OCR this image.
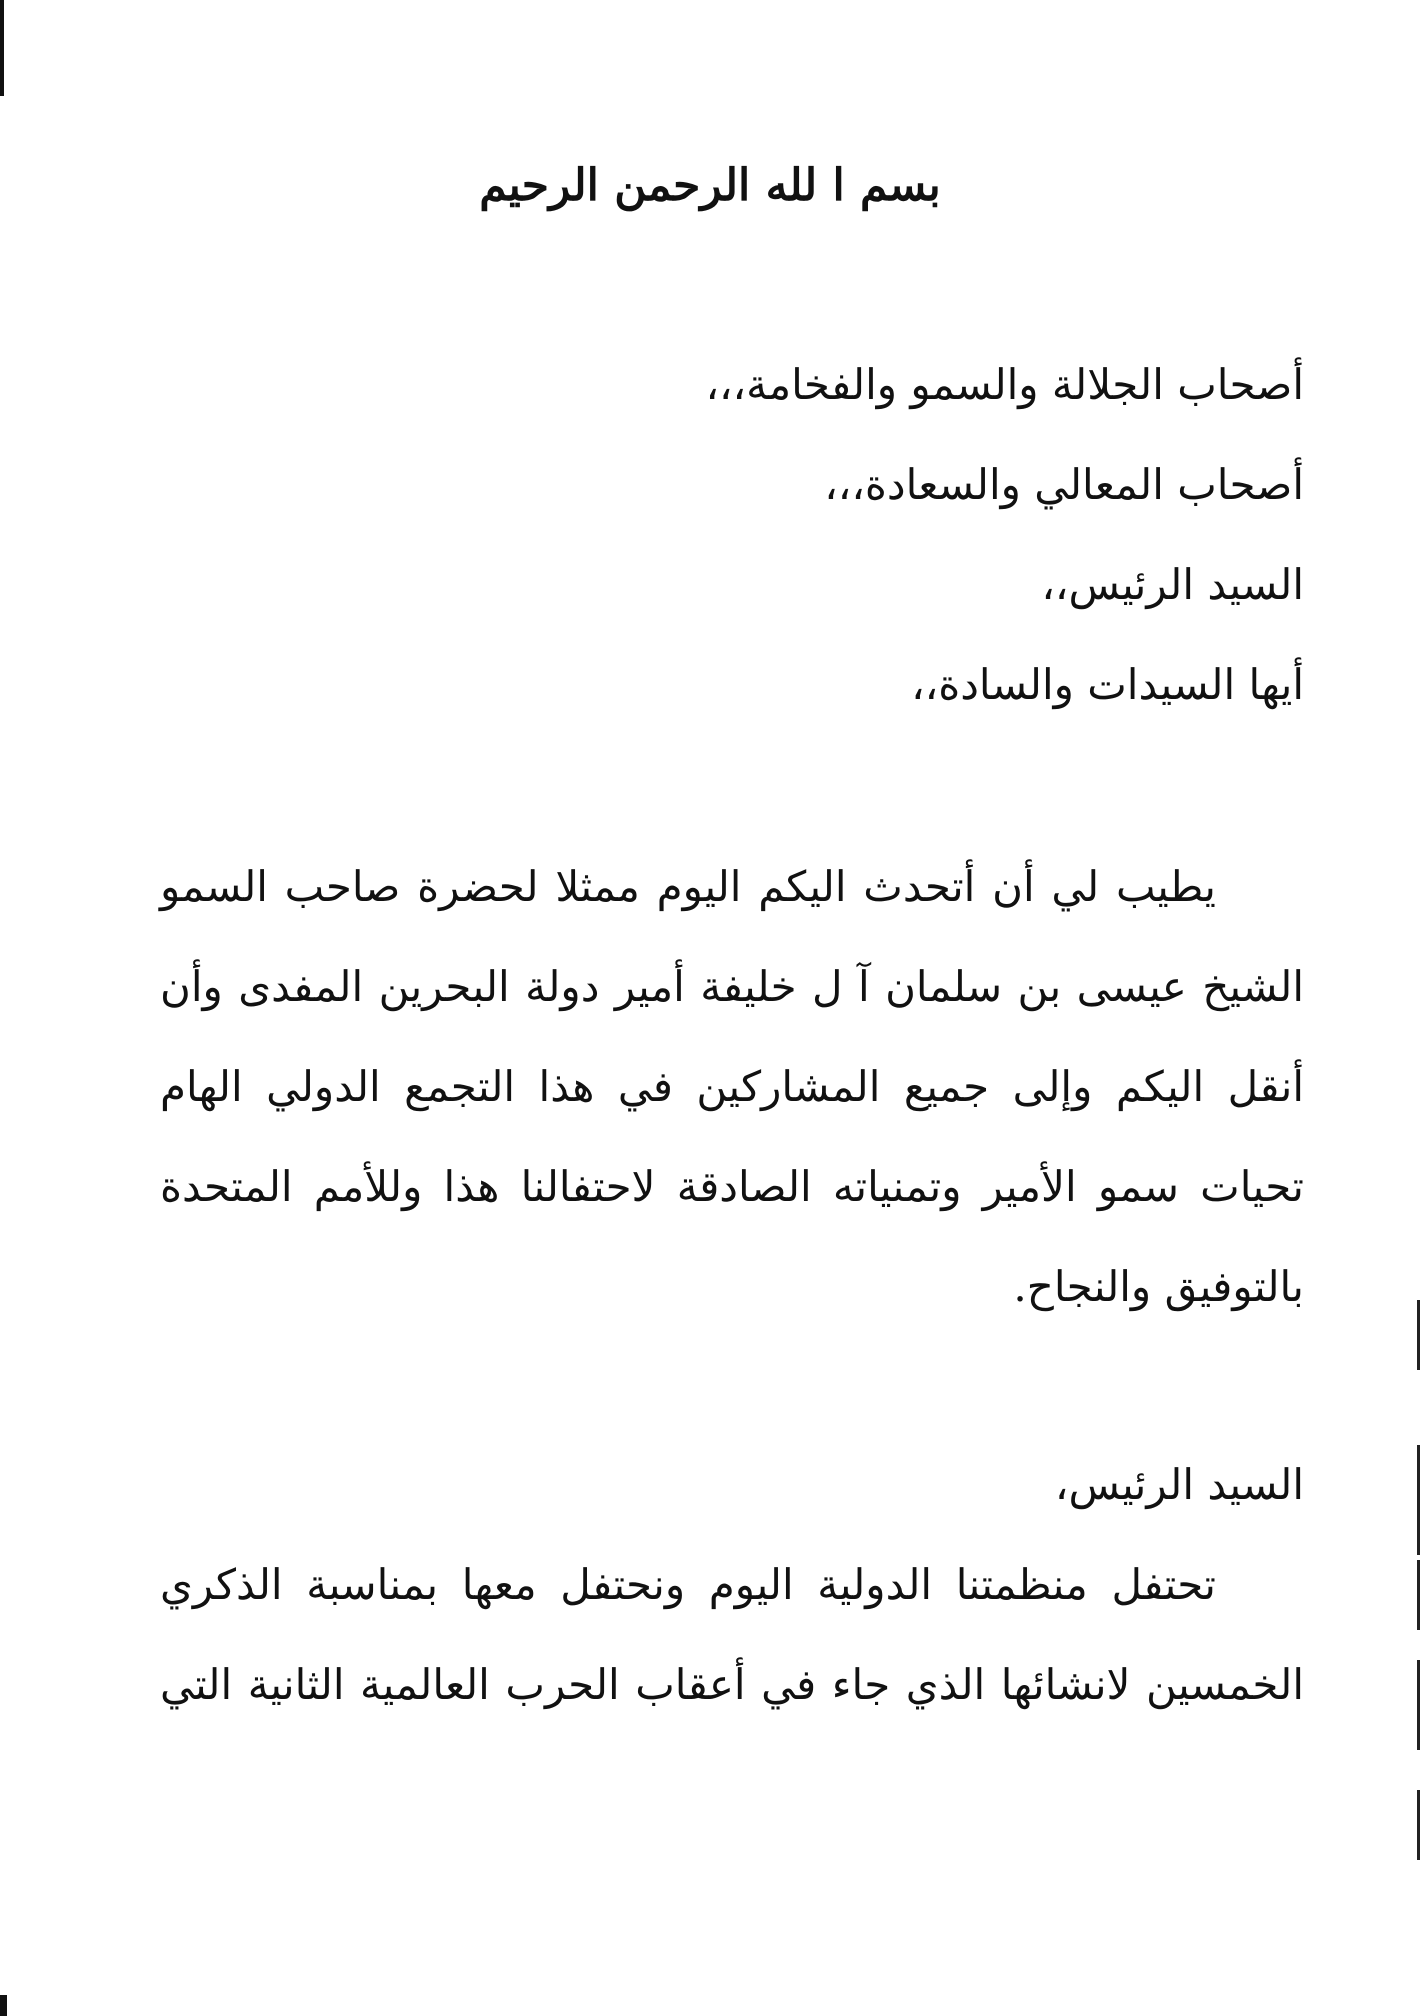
بسم ا لله الرحمن الرحيم

أصحاب الجلالة والسمو والفخامة،،،

أصحاب المعالي والسعادة،،،

السيد الرئيس،،

أيها السيدات والسادة،،

يطيب لي أن أتحدث اليكم اليوم ممثلا لحضرة صاحب السمو

الشيخ عيسى بن سلمان آ ل خليفة أمير دولة البحرين المفدى وأن

أنقل اليكم وإلى جميع المشاركين في هذا التجمع الدولي الهام

تحيات سمو الأمير وتمنياته الصادقة لاحتفالنا هذا وللأمم المتحدة

بالتوفيق والنجاح.

السيد الرئيس،

تحتفل منظمتنا الدولية اليوم ونحتفل معها بمناسبة الذكري

الخمسين لانشائها الذي جاء في أعقاب الحرب العالمية الثانية التي
